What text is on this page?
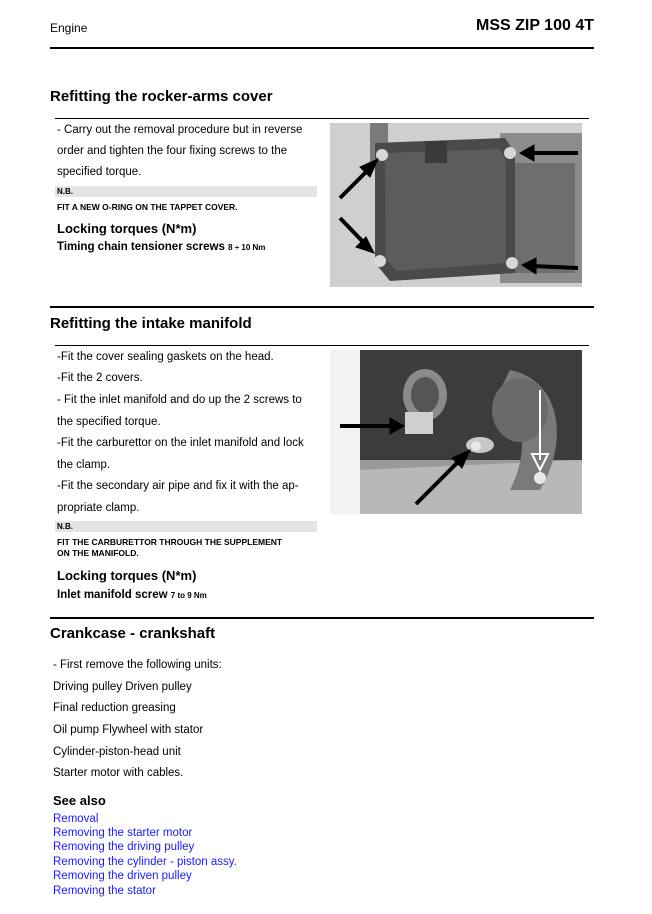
Engine	MSS ZIP 100 4T
Refitting the rocker-arms cover
- Carry out the removal procedure but in reverse
order and tighten the four fixing screws to the
specified torque.
N.B.
FIT A NEW O-RING ON THE TAPPET COVER.
Locking torques (N*m)
Timing chain tensioner screws 8 ÷ 10 Nm
Refitting the intake manifold
-Fit the cover sealing gaskets on the head.
-Fit the 2 covers.
- Fit the inlet manifold and do up the 2 screws to
the specified torque.
-Fit the carburettor on the inlet manifold and lock
the clamp.
-Fit the secondary air pipe and fix it with the ap-
propriate clamp.
N.B.
FIT THE CARBURETTOR THROUGH THE SUPPLEMENT
ON THE MANIFOLD.
Locking torques (N*m)
Inlet manifold screw 7 to 9 Nm
Crankcase - crankshaft
- First remove the following units:
Driving pulley Driven pulley
Final reduction greasing
Oil pump Flywheel with stator
Cylinder-piston-head unit
Starter motor with cables.
See also
Removal
Removing the starter motor
Removing the driving pulley
Removing the cylinder - piston assy.
Removing the driven pulley
Removing the stator
